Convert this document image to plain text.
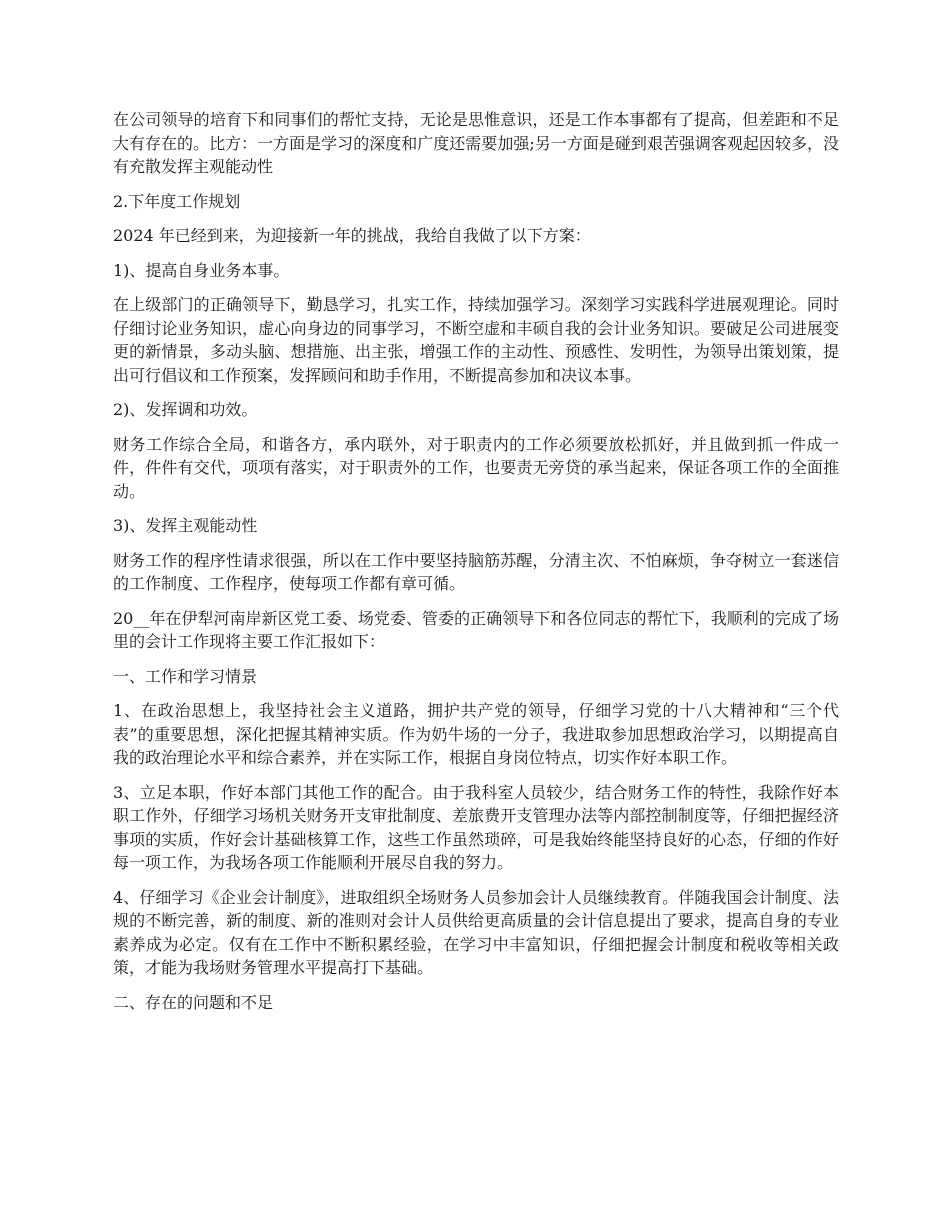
在公司领导的培育下和同事们的帮忙支持，无论是思惟意识，还是工作本事都有了提高，但差距和不足大有存在的。比方：一方面是学习的深度和广度还需要加强;另一方面是碰到艰苦强调客观起因较多，没有充散发挥主观能动性

2.下年度工作规划

2024 年已经到来，为迎接新一年的挑战，我给自我做了以下方案：

1)、提高自身业务本事。

在上级部门的正确领导下，勤恳学习，扎实工作，持续加强学习。深刻学习实践科学进展观理论。同时仔细讨论业务知识，虚心向身边的同事学习，不断空虚和丰硕自我的会计业务知识。要破足公司进展变更的新情景，多动头脑、想措施、出主张，增强工作的主动性、预感性、发明性，为领导出策划策，提出可行倡议和工作预案，发挥顾问和助手作用，不断提高参加和决议本事。

2)、发挥调和功效。

财务工作综合全局，和谐各方，承内联外，对于职责内的工作必须要放松抓好，并且做到抓一件成一件，件件有交代，项项有落实，对于职责外的工作，也要责无旁贷的承当起来，保证各项工作的全面推动。

3)、发挥主观能动性

财务工作的程序性请求很强，所以在工作中要坚持脑筋苏醒，分清主次、不怕麻烦，争夺树立一套迷信的工作制度、工作程序，使每项工作都有章可循。

20__年在伊犁河南岸新区党工委、场党委、管委的正确领导下和各位同志的帮忙下，我顺利的完成了场里的会计工作现将主要工作汇报如下：

一、工作和学习情景

1、在政治思想上，我坚持社会主义道路，拥护共产党的领导，仔细学习党的十八大精神和“三个代表”的重要思想，深化把握其精神实质。作为奶牛场的一分子，我进取参加思想政治学习，以期提高自我的政治理论水平和综合素养，并在实际工作，根据自身岗位特点，切实作好本职工作。

3、立足本职，作好本部门其他工作的配合。由于我科室人员较少，结合财务工作的特性，我除作好本职工作外，仔细学习场机关财务开支审批制度、差旅费开支管理办法等内部控制制度等，仔细把握经济事项的实质，作好会计基础核算工作，这些工作虽然琐碎，可是我始终能坚持良好的心态，仔细的作好每一项工作，为我场各项工作能顺利开展尽自我的努力。

4、仔细学习《企业会计制度》，进取组织全场财务人员参加会计人员继续教育。伴随我国会计制度、法规的不断完善，新的制度、新的准则对会计人员供给更高质量的会计信息提出了要求，提高自身的专业素养成为必定。仅有在工作中不断积累经验，在学习中丰富知识，仔细把握会计制度和税收等相关政策，才能为我场财务管理水平提高打下基础。

二、存在的问题和不足
